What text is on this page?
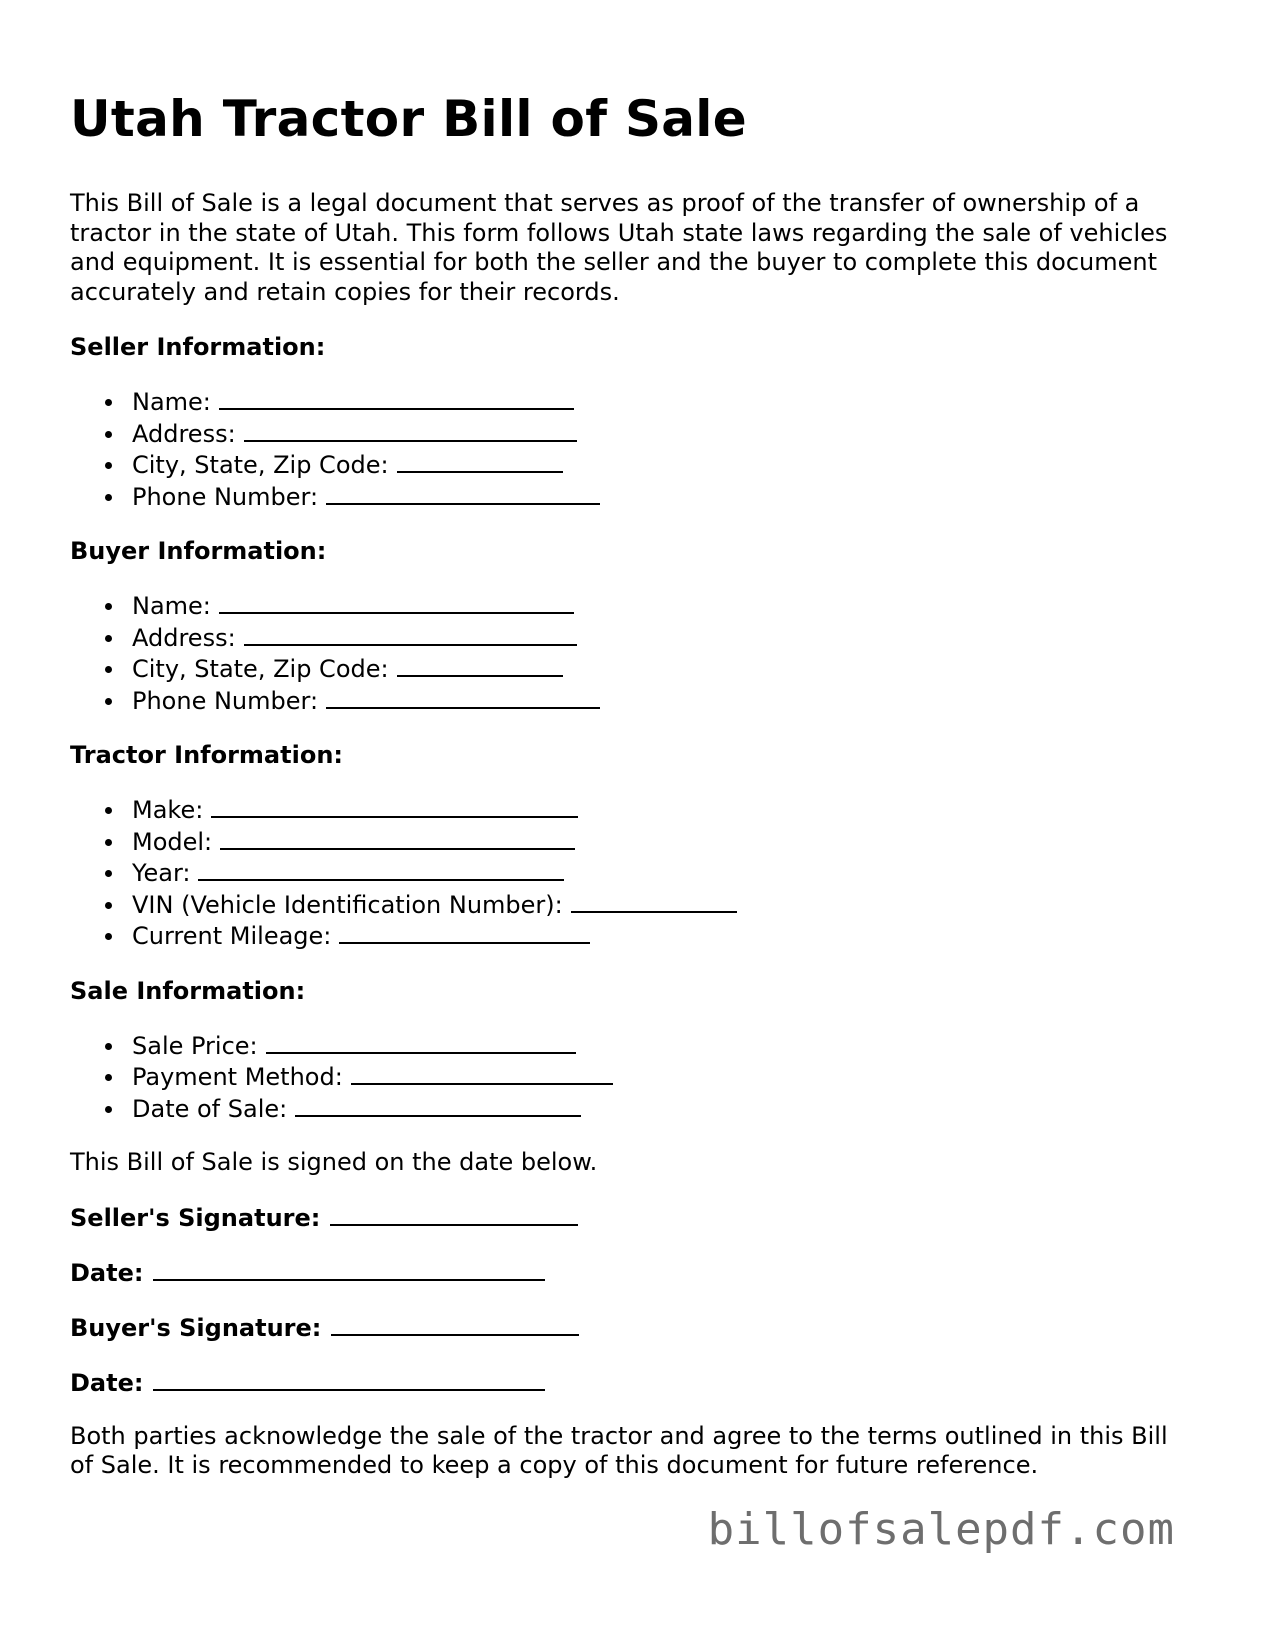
Utah Tractor Bill of Sale

This Bill of Sale is a legal document that serves as proof of the transfer of ownership of a tractor in the state of Utah. This form follows Utah state laws regarding the sale of vehicles and equipment. It is essential for both the seller and the buyer to complete this document accurately and retain copies for their records.

Seller Information:
Name:
Address:
City, State, Zip Code:
Phone Number:
Buyer Information:
Name:
Address:
City, State, Zip Code:
Phone Number:
Tractor Information:
Make:
Model:
Year:
VIN (Vehicle Identification Number):
Current Mileage:
Sale Information:
Sale Price:
Payment Method:
Date of Sale:

This Bill of Sale is signed on the date below.

Seller's Signature:
Date:
Buyer's Signature:
Date:

Both parties acknowledge the sale of the tractor and agree to the terms outlined in this Bill of Sale. It is recommended to keep a copy of this document for future reference.

billofsalepdf.com
